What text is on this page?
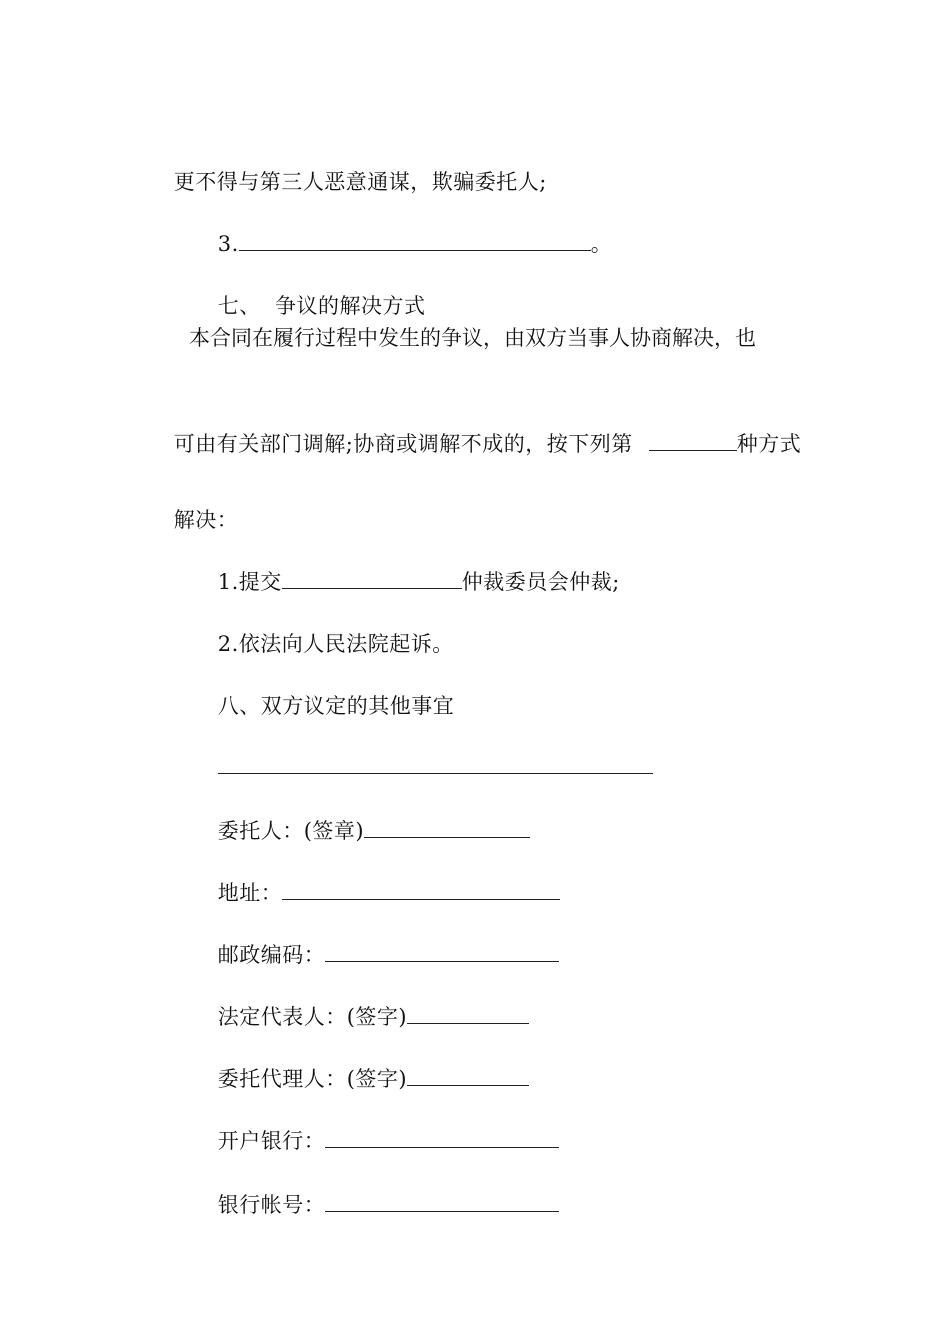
更不得与第三人恶意通谋，欺骗委托人;

3.	。

七、  争议的解决方式

本合同在履行过程中发生的争议，由双方当事人协商解决，也

可由有关部门调解;协商或调解不成的，按下列第	种方式

解决：

1.提交	仲裁委员会仲裁;

2.依法向人民法院起诉。

八、双方议定的其他事宜

委托人：(签章)

地址：

邮政编码：

法定代表人：(签字)

委托代理人：(签字)

开户银行：

银行帐号：
